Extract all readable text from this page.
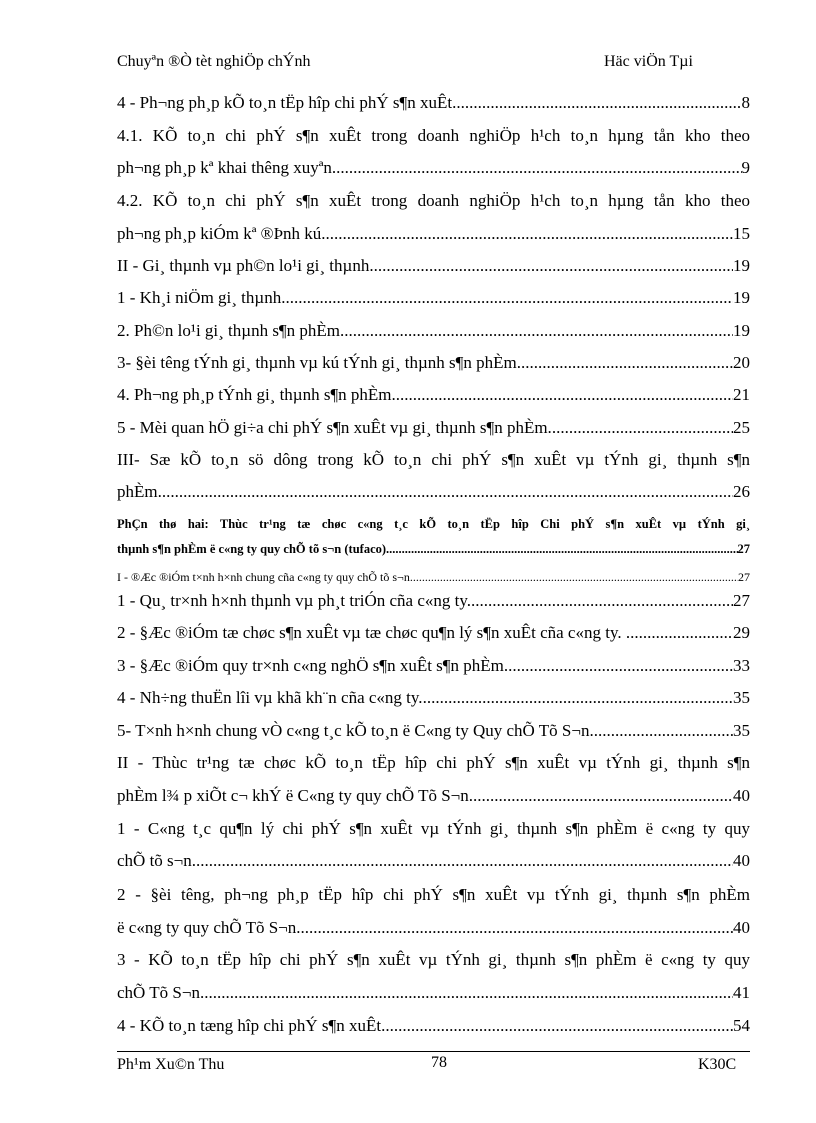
Chuyªn ®Ò tèt nghiÖp chÝnh	Häc viÖn Tµi
4 - Ph¬ng ph¸p kÕ to¸n tËp hîp chi phÝ s¶n xuÊt. .....	8
4.1. KÕ to¸n chi phÝ s¶n xuÊt trong doanh nghiÖp h¹ch to¸n hµng tån kho theo
ph¬ng ph¸p kª khai thêng xuyªn .....	9
4.2. KÕ to¸n chi phÝ s¶n xuÊt trong doanh nghiÖp h¹ch to¸n hµng tån kho theo
ph¬ng ph¸p kiÓm kª ®Þnh kú .....	15
II - Gi¸ thµnh vµ ph©n lo¹i gi¸ thµnh. .....	19
1 - Kh¸i niÖm gi¸ thµnh. .....	19
2. Ph©n lo¹i gi¸ thµnh s¶n phÈm .....	19
3- §èi têng tÝnh gi¸ thµnh vµ kú tÝnh gi¸ thµnh s¶n phÈm. .....	20
4. Ph¬ng ph¸p tÝnh gi¸ thµnh s¶n phÈm. .....	21
5 - Mèi quan hÖ gi÷a chi phÝ s¶n xuÊt vµ gi¸ thµnh s¶n phÈm. .....	25
III- Sæ kÕ to¸n sö dông trong kÕ to¸n chi phÝ s¶n xuÊt vµ tÝnh gi¸ thµnh s¶n
phÈm .....	26
PhÇn thø hai: Thùc tr¹ng tæ chøc c«ng t¸c kÕ to¸n tËp hîp Chi phÝ s¶n xuÊt vµ tÝnh gi¸
thµnh s¶n phÈm ë c«ng ty quy chÕ tõ s¬n (tufaco) .....	27
I - ®Æc ®iÓm t×nh h×nh chung cña c«ng ty quy chÕ tõ s¬n. .....	27
1 - Qu¸ tr×nh h×nh thµnh vµ ph¸t triÓn cña c«ng ty. .....	27
2 - §Æc ®iÓm tæ chøc s¶n xuÊt vµ tæ chøc qu¶n lý s¶n xuÊt cña c«ng ty. .. .....	29
3 - §Æc ®iÓm quy tr×nh c«ng nghÖ s¶n xuÊt s¶n phÈm. .....	33
4 - Nh÷ng thuËn lîi vµ khã kh¨n cña c«ng ty. .....	35
5- T×nh h×nh chung vÒ c«ng t¸c kÕ to¸n ë C«ng ty Quy chÕ Tõ S¬n......... .....	35
II - Thùc tr¹ng tæ chøc kÕ to¸n tËp hîp chi phÝ s¶n xuÊt vµ tÝnh gi¸ thµnh s¶n
phÈm l¾ p xiÕt c¬ khÝ ë C«ng ty quy chÕ Tõ S¬n. .....	40
1 - C«ng t¸c qu¶n lý chi phÝ s¶n xuÊt vµ tÝnh gi¸ thµnh s¶n phÈm ë c«ng ty quy
chÕ tõ s¬n. .....	40
2 - §èi têng, ph¬ng ph¸p tËp hîp chi phÝ s¶n xuÊt vµ tÝnh gi¸ thµnh s¶n phÈm
ë c«ng ty quy chÕ Tõ S¬n. .....	40
3 - KÕ to¸n tËp hîp chi phÝ s¶n xuÊt vµ tÝnh gi¸ thµnh s¶n phÈm ë c«ng ty quy
chÕ Tõ S¬n .....	41
4 - KÕ to¸n tæng hîp chi phÝ s¶n xuÊt. .....	54
Ph¹m Xu©n Thu	78	K30C
